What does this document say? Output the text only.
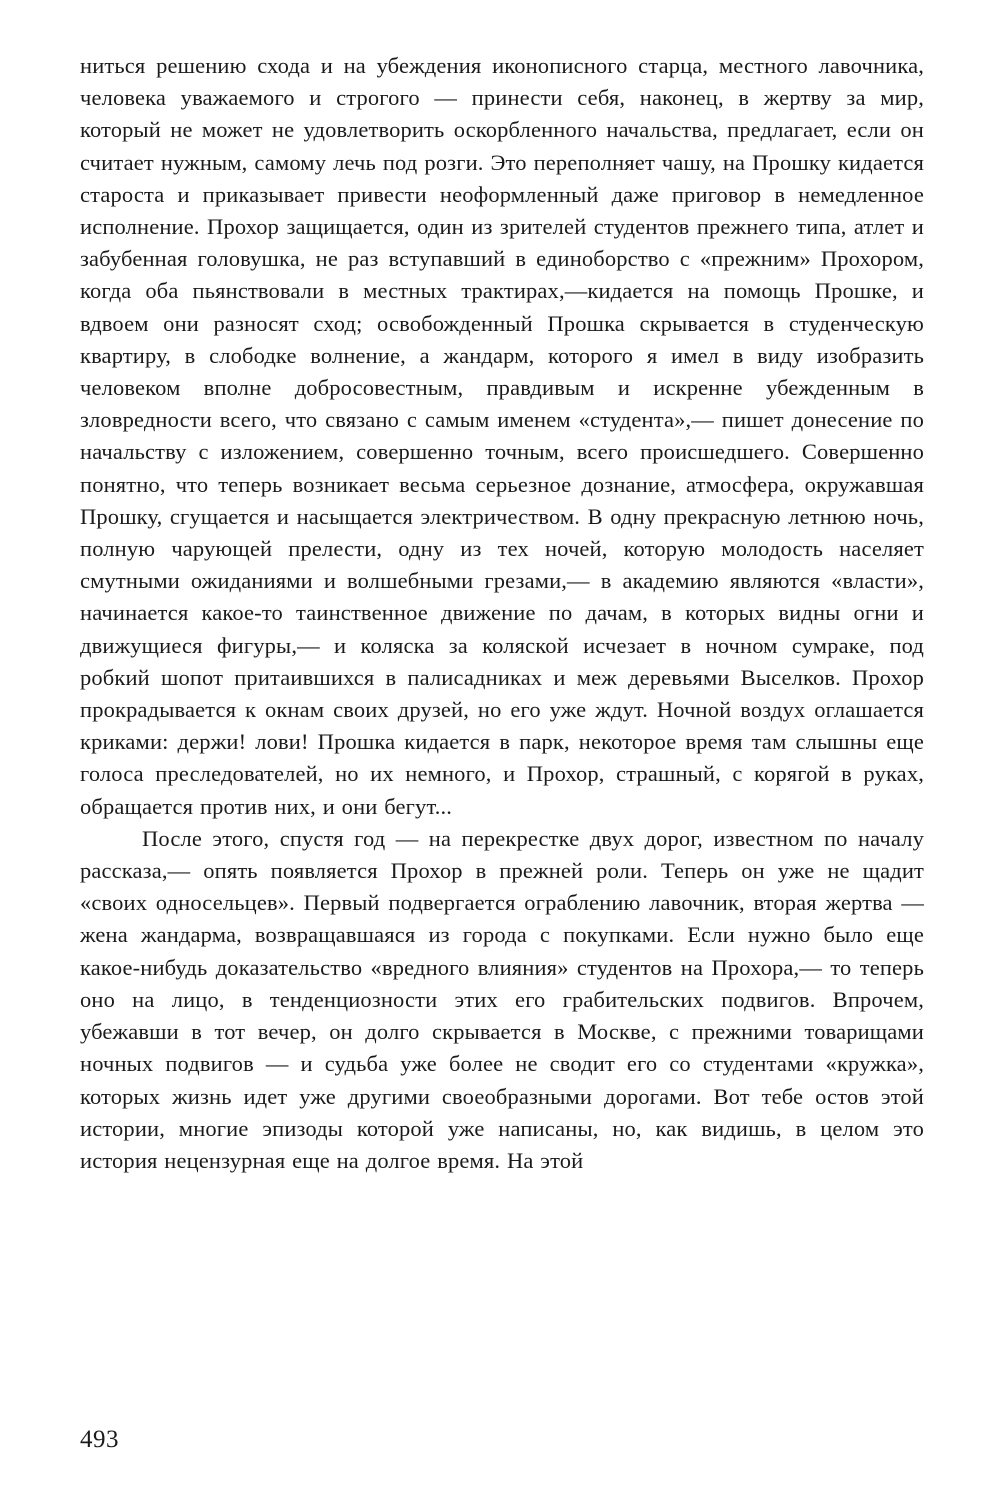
ниться решению схода и на убеждения иконописного старца, местного лавочника, человека уважаемого и строгого — принести себя, наконец, в жертву за мир, который не может не удовлетворить оскорбленного начальства, предлагает, если он считает нужным, самому лечь под розги. Это переполняет чашу, на Прошку кидается староста и приказывает привести неоформленный даже приговор в немедленное исполнение. Прохор защищается, один из зрителей студентов прежнего типа, атлет и забубенная головушка, не раз вступавший в единоборство с «прежним» Прохором, когда оба пьянствовали в местных трактирах,—кидается на помощь Прошке, и вдвоем они разносят сход; освобожденный Прошка скрывается в студенческую квартиру, в слободке волнение, а жандарм, которого я имел в виду изобразить человеком вполне добросовестным, правдивым и искренне убежденным в зловредности всего, что связано с самым именем «студента»,— пишет донесение по начальству с изложением, совершенно точным, всего происшедшего. Совершенно понятно, что теперь возникает весьма серьезное дознание, атмосфера, окружавшая Прошку, сгущается и насыщается электричеством. В одну прекрасную летнюю ночь, полную чарующей прелести, одну из тех ночей, которую молодость населяет смутными ожиданиями и волшебными грезами,— в академию являются «власти», начинается какое-то таинственное движение по дачам, в которых видны огни и движущиеся фигуры,— и коляска за коляской исчезает в ночном сумраке, под робкий шопот притаившихся в палисадниках и меж деревьями Выселков. Прохор прокрадывается к окнам своих друзей, но его уже ждут. Ночной воздух оглашается криками: держи! лови! Прошка кидается в парк, некоторое время там слышны еще голоса преследователей, но их немного, и Прохор, страшный, с корягой в руках, обращается против них, и они бегут...

После этого, спустя год — на перекрестке двух дорог, известном по началу рассказа,— опять появляется Прохор в прежней роли. Теперь он уже не щадит «своих односельцев». Первый подвергается ограблению лавочник, вторая жертва — жена жандарма, возвращавшаяся из города с покупками. Если нужно было еще какое-нибудь доказательство «вредного влияния» студентов на Прохора,— то теперь оно на лицо, в тенденциозности этих его грабительских подвигов. Впрочем, убежавши в тот вечер, он долго скрывается в Москве, с прежними товарищами ночных подвигов — и судьба уже более не сводит его со студентами «кружка», которых жизнь идет уже другими своеобразными дорогами. Вот тебе остов этой истории, многие эпизоды которой уже написаны, но, как видишь, в целом это история нецензурная еще на долгое время. На этой

493
